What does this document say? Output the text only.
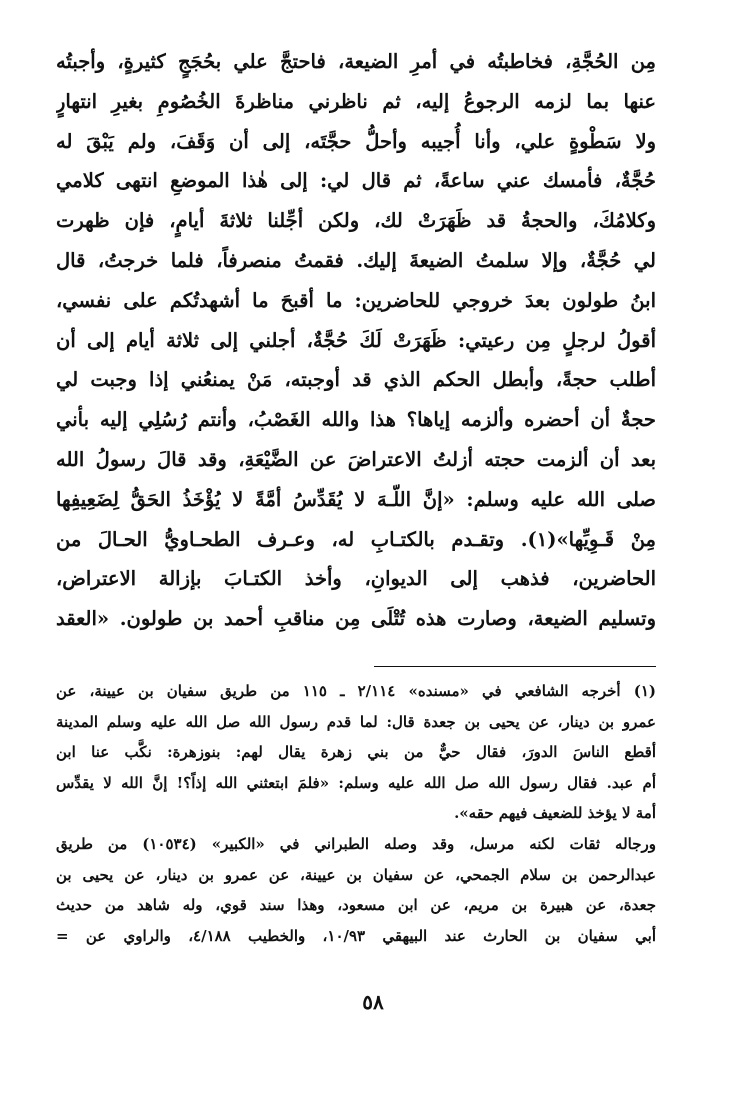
مِن الحُجَّةِ، فخاطبتُه في أمرِ الضيعة، فاحتجَّ علي بحُجَجٍ كثيرةٍ، وأجبتُه
عنها بما لزمه الرجوعُ إليه، ثم ناظرني مناظرةَ الخُصُومِ بغيرِ انتهارٍ
ولا سَطْوةٍ علي، وأنا أُجيبه وأحلُّ حجَّتَه، إلى أن وَقَفَ، ولم يَبْقَ له
حُجَّةٌ، فأمسك عني ساعةً، ثم قال لي: إلى هٰذا الموضعِ انتهى كلامي
وكلامُكَ، والحجةُ قد ظَهَرَتْ لك، ولكن أجِّلنا ثلاثةَ أيامٍ، فإن ظهرت
لي حُجَّةٌ، وإلا سلمتُ الضيعةَ إليك. فقمتُ منصرفاً، فلما خرجتُ، قال
ابنُ طولون بعدَ خروجي للحاضرين: ما أقبحَ ما أشهدتُكم على نفسي،
أقولُ لرجلٍ مِن رعيتي: ظَهَرَتْ لَكَ حُجَّةٌ، أجلني إلى ثلاثة أيام إلى أن
أطلب حجةً، وأبطل الحكم الذي قد أوجبته، مَنْ يمنعُني إذا وجبت لي
حجةٌ أن أحضره وألزمه إياها؟ هذا والله الغَصْبُ، وأنتم رُسُلِي إليه بأني
بعد أن ألزمت حجته أزلتُ الاعتراضَ عن الضَّيْعَةِ، وقد قالَ رسولُ الله
صلى الله عليه وسلم: «إنَّ اللّـهَ لا يُقَدِّسُ أمَّةً لا يُؤْخَذُ الحَقُّ لِضَعِيفِها
مِنْ قَـوِيِّها»(١). وتقـدم بالكتـابِ له، وعـرف الطحـاويُّ الحـالَ من
الحاضرين، فذهب إلى الديوانِ، وأخذ الكتـابَ بإزالة الاعتراض،
وتسليم الضيعة، وصارت هذه تُتْلَى مِن مناقبِ أحمد بن طولون. «العقد
(١) أخرجه الشافعي في «مسنده» ٢/١١٤ ـ ١١٥ من طريق سفيان بن عيينة، عن
عمرو بن دينار، عن يحيى بن جعدة قال: لما قدم رسول الله صل الله عليه وسلم المدينة
أقطع الناسَ الدورَ، فقال حيٌّ من بني زهرة يقال لهم: بنوزهرة: نكَّب عنا ابن
أم عبد. فقال رسول الله صل الله عليه وسلم: «فلمَ ابتعثني الله إذاً؟! إنَّ الله لا يقدِّس
أمة لا يؤخذ للضعيف فيهم حقه».
ورجاله ثقات لكنه مرسل، وقد وصله الطبراني في «الكبير» (١٠٥٣٤) من طريق
عبدالرحمن بن سلام الجمحي، عن سفيان بن عيينة، عن عمرو بن دينار، عن يحيى بن
جعدة، عن هبيرة بن مريم، عن ابن مسعود، وهذا سند قوي، وله شاهد من حديث
أبي سفيان بن الحارث عند البيهقي ١٠/٩٣، والخطيب ٤/١٨٨، والراوي عن =
٥٨
